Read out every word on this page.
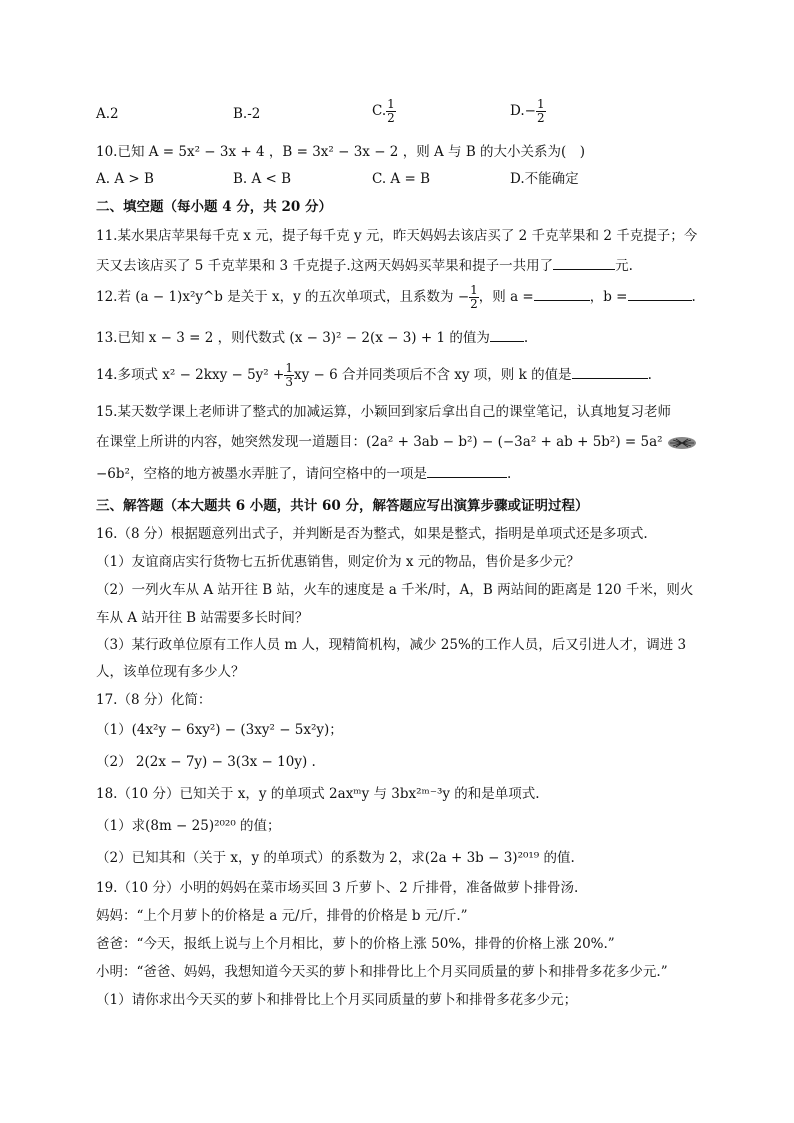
A.2	B.-2	C. $\frac{1}{2}$	$D.- \frac{1}{2}$
10.已知 A = 5x² − 3x + 4 ，B = 3x² − 3x − 2 ，则 A 与 B 的大小关系为(　)
A. A > B	B. A < B	C. A = B	D.不能确定
二、填空题（每小题 4 分，共 20 分）
11.某水果店苹果每千克 x 元，提子每千克 y 元，昨天妈妈去该店买了 2 千克苹果和 2 千克提子；今
天又去该店买了 5 千克苹果和 3 千克提子.这两天妈妈买苹果和提子一共用了	元.
12.若 (a − 1)x²y^b 是关于 x，y 的五次单项式，且系数为 − $\frac{1}{2}$ ，则 a =	，b =	.
13.已知 x − 3 = 2 ，则代数式 (x − 3)² − 2(x − 3) + 1 的值为	.
14.多项式 $x^2 - 2kxy - 5y^2 + \frac{1}{3}$ xy − 6 合并同类项后不含 xy 项，则 k 的值是	.
15.某天数学课上老师讲了整式的加减运算，小颖回到家后拿出自己的课堂笔记，认真地复习老师
在课堂上所讲的内容，她突然发现一道题目：(2a² + 3ab − b²) − (−3a² + ab + 5b²) = 5a²
−6b²，空格的地方被墨水弄脏了，请问空格中的一项是	.
三、解答题（本大题共 6 小题，共计 60 分，解答题应写出演算步骤或证明过程）
16.（8 分）根据题意列出式子，并判断是否为整式，如果是整式，指明是单项式还是多项式.
（1）友谊商店实行货物七五折优惠销售，则定价为 x 元的物品，售价是多少元？
（2）一列火车从 A 站开往 B 站，火车的速度是 a 千米/时，A，B 两站间的距离是 120 千米，则火
车从 A 站开往 B 站需要多长时间？
（3）某行政单位原有工作人员 m 人，现精简机构，减少 25%的工作人员，后又引进人才，调进 3
人，该单位现有多少人？
17.（8 分）化简：
（1）(4x²y − 6xy²) − (3xy² − 5x²y)；
（2） 2(2x − 7y) − 3(3x − 10y) .
18.（10 分）已知关于 x，y 的单项式 2axᵐy 与 3bx²ᵐ⁻³y 的和是单项式.
（1）求(8m − 25)²⁰²⁰ 的值；
（2）已知其和（关于 x，y 的单项式）的系数为 2，求(2a + 3b − 3)²⁰¹⁹ 的值.
19.（10 分）小明的妈妈在菜市场买回 3 斤萝卜、2 斤排骨，准备做萝卜排骨汤.
妈妈：“上个月萝卜的价格是 a 元/斤，排骨的价格是 b 元/斤.”
爸爸：“今天，报纸上说与上个月相比，萝卜的价格上涨 50%，排骨的价格上涨 20%.”
小明：“爸爸、妈妈，我想知道今天买的萝卜和排骨比上个月买同质量的萝卜和排骨多花多少元.”
（1）请你求出今天买的萝卜和排骨比上个月买同质量的萝卜和排骨多花多少元；
